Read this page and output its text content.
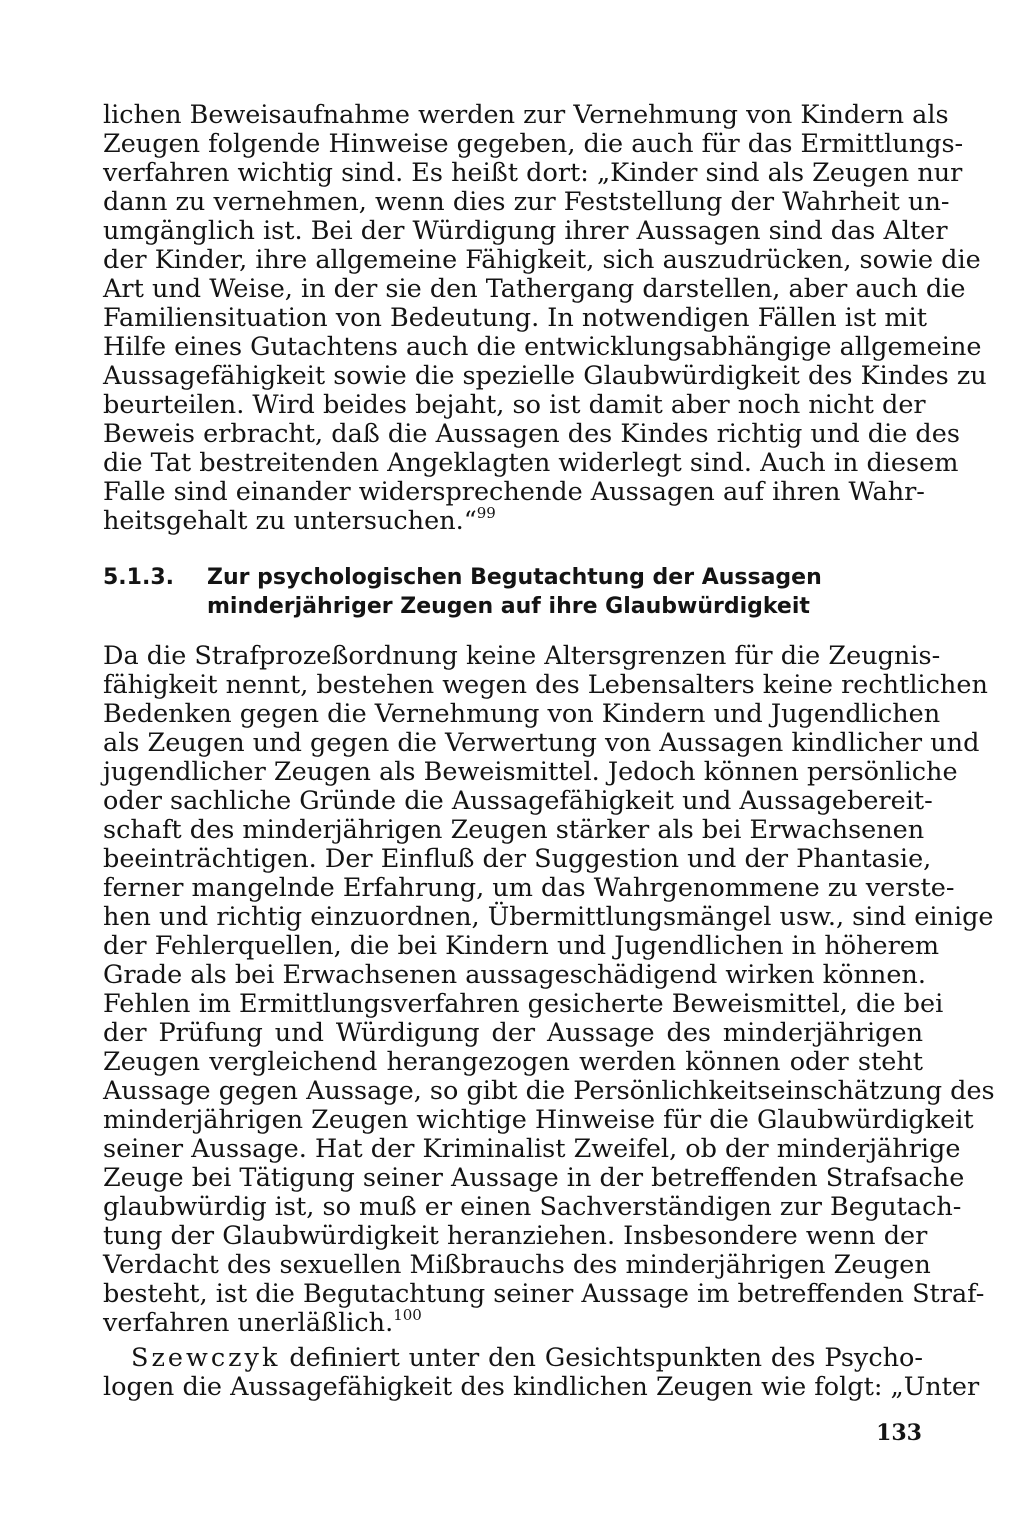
lichen Beweisaufnahme werden zur Vernehmung von Kindern als
Zeugen folgende Hinweise gegeben, die auch für das Ermittlungs-
verfahren wichtig sind. Es heißt dort: „Kinder sind als Zeugen nur
dann zu vernehmen, wenn dies zur Feststellung der Wahrheit un-
umgänglich ist. Bei der Würdigung ihrer Aussagen sind das Alter
der Kinder, ihre allgemeine Fähigkeit, sich auszudrücken, sowie die
Art und Weise, in der sie den Tathergang darstellen, aber auch die
Familiensituation von Bedeutung. In notwendigen Fällen ist mit
Hilfe eines Gutachtens auch die entwicklungsabhängige allgemeine
Aussagefähigkeit sowie die spezielle Glaubwürdigkeit des Kindes zu
beurteilen. Wird beides bejaht, so ist damit aber noch nicht der
Beweis erbracht, daß die Aussagen des Kindes richtig und die des
die Tat bestreitenden Angeklagten widerlegt sind. Auch in diesem
Falle sind einander widersprechende Aussagen auf ihren Wahr-
heitsgehalt zu untersuchen.“$^{99}$
5.1.3. Zur psychologischen Begutachtung der Aussagen
minderjähriger Zeugen auf ihre Glaubwürdigkeit
Da die Strafprozeßordnung keine Altersgrenzen für die Zeugnis-
fähigkeit nennt, bestehen wegen des Lebensalters keine rechtlichen
Bedenken gegen die Vernehmung von Kindern und Jugendlichen
als Zeugen und gegen die Verwertung von Aussagen kindlicher und
jugendlicher Zeugen als Beweismittel. Jedoch können persönliche
oder sachliche Gründe die Aussagefähigkeit und Aussagebereit-
schaft des minderjährigen Zeugen stärker als bei Erwachsenen
beeinträchtigen. Der Einfluß der Suggestion und der Phantasie,
ferner mangelnde Erfahrung, um das Wahrgenommene zu verste-
hen und richtig einzuordnen, Übermittlungsmängel usw., sind einige
der Fehlerquellen, die bei Kindern und Jugendlichen in höherem
Grade als bei Erwachsenen aussageschädigend wirken können.
Fehlen im Ermittlungsverfahren gesicherte Beweismittel, die bei
der Prüfung und Würdigung der Aussage des minderjährigen
Zeugen vergleichend herangezogen werden können oder steht
Aussage gegen Aussage, so gibt die Persönlichkeitseinschätzung des
minderjährigen Zeugen wichtige Hinweise für die Glaubwürdigkeit
seiner Aussage. Hat der Kriminalist Zweifel, ob der minderjährige
Zeuge bei Tätigung seiner Aussage in der betreffenden Strafsache
glaubwürdig ist, so muß er einen Sachverständigen zur Begutach-
tung der Glaubwürdigkeit heranziehen. Insbesondere wenn der
Verdacht des sexuellen Mißbrauchs des minderjährigen Zeugen
besteht, ist die Begutachtung seiner Aussage im betreffenden Straf-
verfahren unerläßlich.$^{100}$
Szewczyk definiert unter den Gesichtspunkten des Psycho-
logen die Aussagefähigkeit des kindlichen Zeugen wie folgt: „Unter
133
